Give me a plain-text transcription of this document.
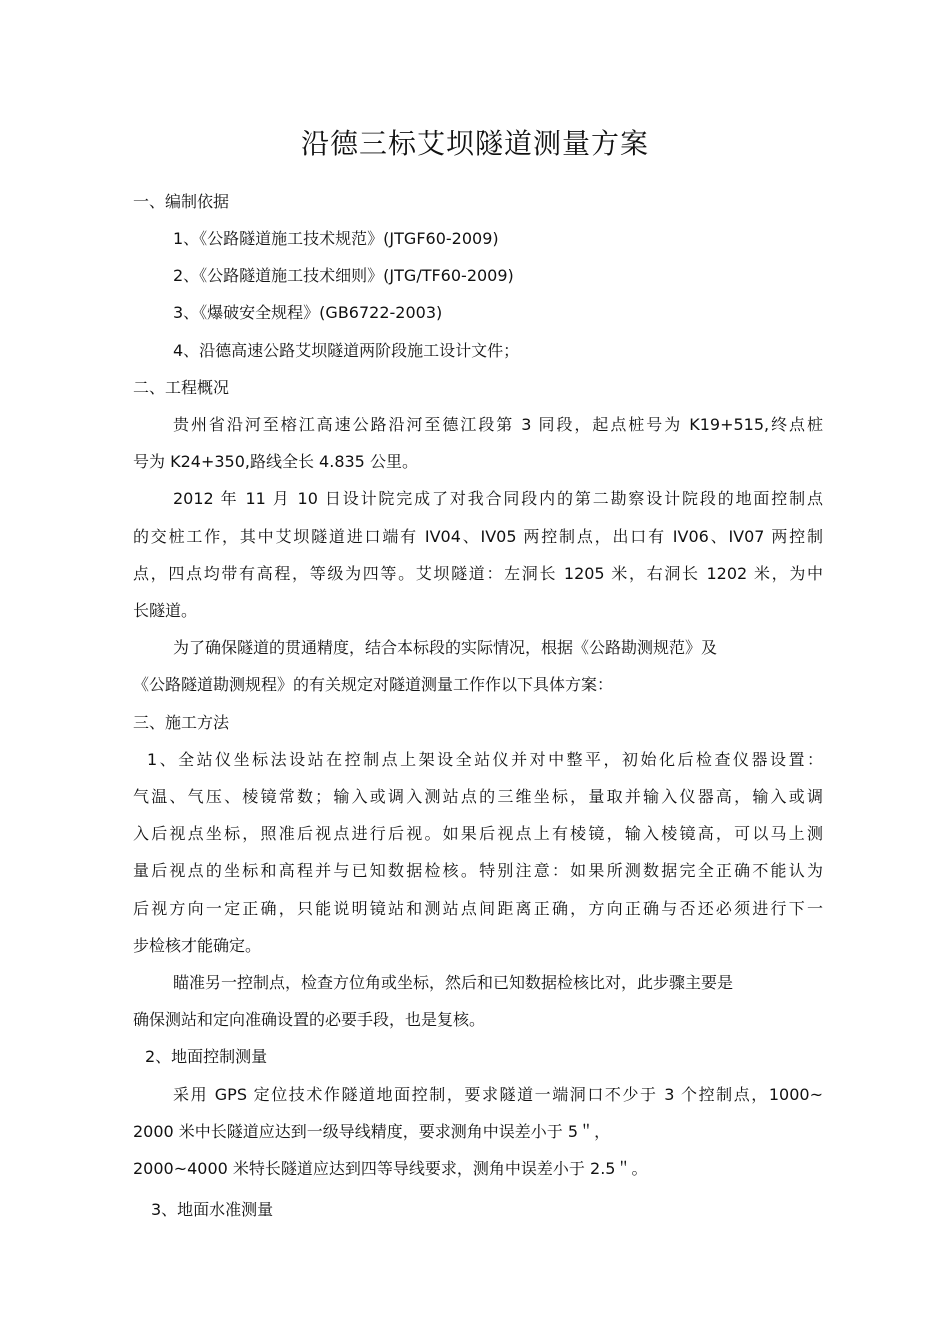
沿德三标艾坝隧道测量方案
一、编制依据
1、《公路隧道施工技术规范》(JTGF60-2009)
2、《公路隧道施工技术细则》(JTG/TF60-2009)
3、《爆破安全规程》(GB6722-2003)
4、沿德高速公路艾坝隧道两阶段施工设计文件；
二、工程概况
贵州省沿河至榕江高速公路沿河至德江段第 3 同段，起点桩号为 K19+515,终点桩
号为 K24+350,路线全长 4.835 公里。
2012 年 11 月 10 日设计院完成了对我合同段内的第二勘察设计院段的地面控制点
的交桩工作，其中艾坝隧道进口端有 IV04、IV05 两控制点，出口有 IV06、IV07 两控制
点，四点均带有高程，等级为四等。艾坝隧道：左洞长 1205 米，右洞长 1202 米，为中
长隧道。
为了确保隧道的贯通精度，结合本标段的实际情况，根据《公路勘测规范》及
《公路隧道勘测规程》的有关规定对隧道测量工作作以下具体方案：
三、施工方法
1、全站仪坐标法设站在控制点上架设全站仪并对中整平，初始化后检查仪器设置：
气温、气压、棱镜常数；输入或调入测站点的三维坐标，量取并输入仪器高，输入或调
入后视点坐标，照准后视点进行后视。如果后视点上有棱镜，输入棱镜高，可以马上测
量后视点的坐标和高程并与已知数据检核。特别注意：如果所测数据完全正确不能认为
后视方向一定正确，只能说明镜站和测站点间距离正确，方向正确与否还必须进行下一
步检核才能确定。
瞄准另一控制点，检查方位角或坐标，然后和已知数据检核比对，此步骤主要是
确保测站和定向准确设置的必要手段，也是复核。
2、地面控制测量
采用 GPS 定位技术作隧道地面控制，要求隧道一端洞口不少于 3 个控制点，1000~
2000 米中长隧道应达到一级导线精度，要求测角中误差小于 5＂，
2000~4000 米特长隧道应达到四等导线要求，测角中误差小于 2.5＂。
3、地面水准测量
